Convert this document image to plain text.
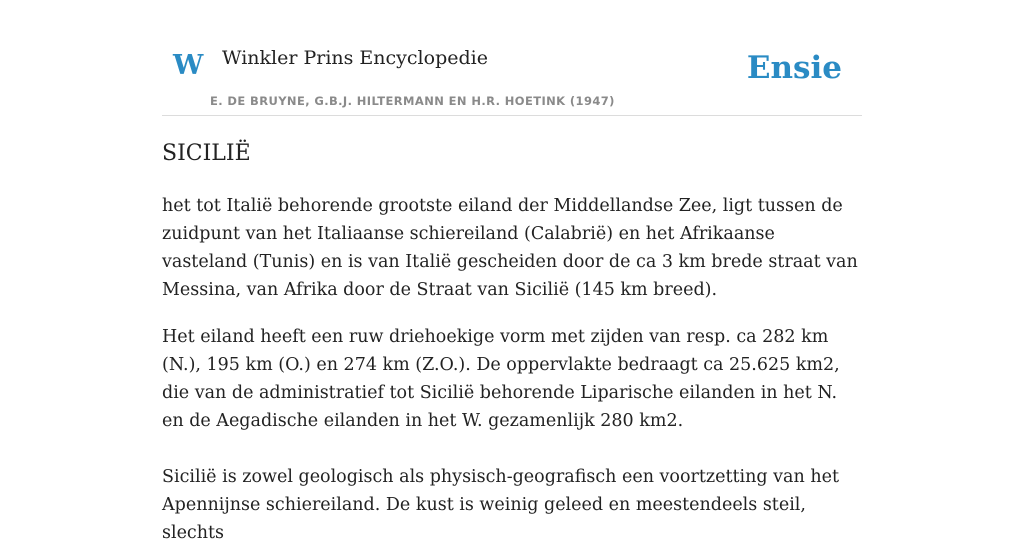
W Winkler Prins Encyclopedie
E. DE BRUYNE, G.B.J. HILTERMANN EN H.R. HOETINK (1947)
Ensie
SICILIË

het tot Italië behorende grootste eiland der Middellandse Zee, ligt tussen de zuidpunt van het Italiaanse schiereiland (Calabrië) en het Afrikaanse vasteland (Tunis) en is van Italië gescheiden door de ca 3 km brede straat van Messina, van Afrika door de Straat van Sicilië (145 km breed).

Het eiland heeft een ruw driehoekige vorm met zijden van resp. ca 282 km (N.), 195 km (O.) en 274 km (Z.O.). De oppervlakte bedraagt ca 25.625 km2, die van de administratief tot Sicilië behorende Liparische eilanden in het N. en de Aegadische eilanden in het W. gezamenlijk 280 km2.

Sicilië is zowel geologisch als physisch-geografisch een voortzetting van het Apennijnse schiereiland. De kust is weinig geleed en meestendeels steil, slechts
